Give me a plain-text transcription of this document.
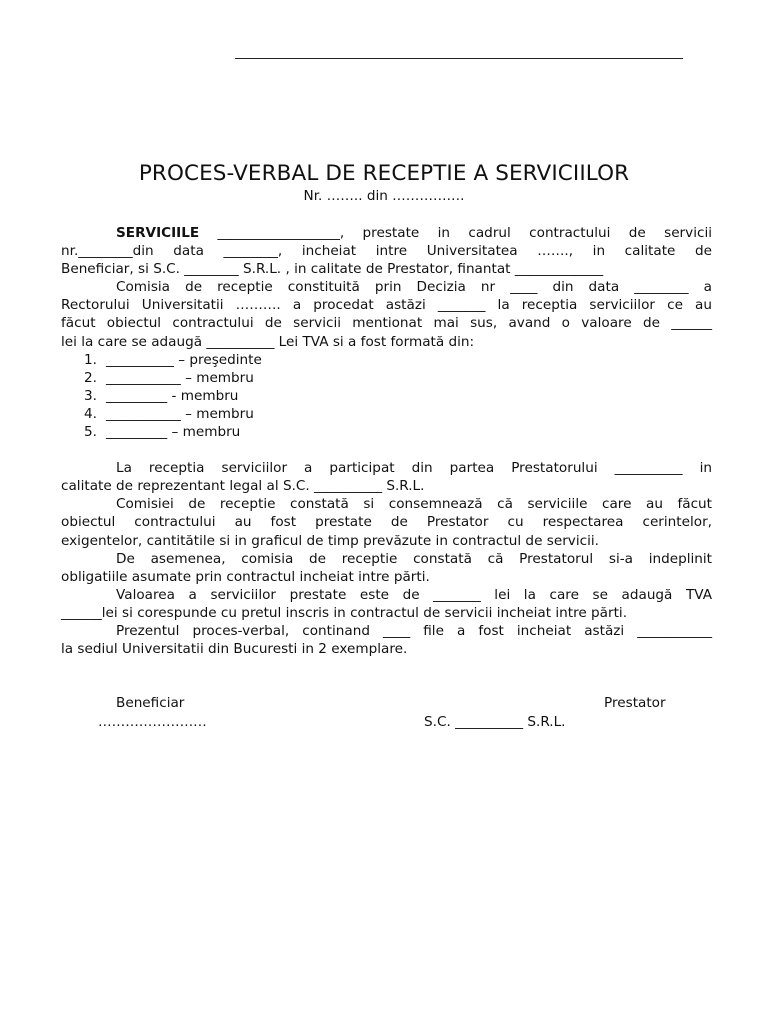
PROCES-VERBAL DE RECEPTIE A SERVICIILOR
Nr. …….. din …………….
SERVICIILE __________________, prestate in cadrul contractului de servicii
nr.________din data ________, incheiat intre Universitatea ……., in calitate de
Beneficiar, si S.C. ________ S.R.L. , in calitate de Prestator, finantat _____________
Comisia de receptie constituită prin Decizia nr ____ din data ________ a
Rectorului Universitatii ………. a procedat astăzi _______ la receptia serviciilor ce au
făcut obiectul contractului de servicii mentionat mai sus, avand o valoare de ______
lei la care se adaugă __________ Lei TVA si a fost formată din:
1. __________ – preşedinte
2. ___________ – membru
3. _________ - membru
4. ___________ – membru
5. _________ – membru
La receptia serviciilor a participat din partea Prestatorului __________ in
calitate de reprezentant legal al S.C. __________ S.R.L.
Comisiei de receptie constată si consemnează că serviciile care au făcut
obiectul contractului au fost prestate de Prestator cu respectarea cerintelor,
exigentelor, cantitătile si in graficul de timp prevăzute in contractul de servicii.
De asemenea, comisia de receptie constată că Prestatorul si-a indeplinit
obligatiile asumate prin contractul incheiat intre părti.
Valoarea a serviciilor prestate este de _______ lei la care se adaugă TVA
______lei si corespunde cu pretul inscris in contractul de servicii incheiat intre părti.
Prezentul proces-verbal, continand ____ file a fost incheiat astăzi ___________
la sediul Universitatii din Bucuresti in 2 exemplare.
Beneficiar
……………………
Prestator
S.C. __________ S.R.L.
